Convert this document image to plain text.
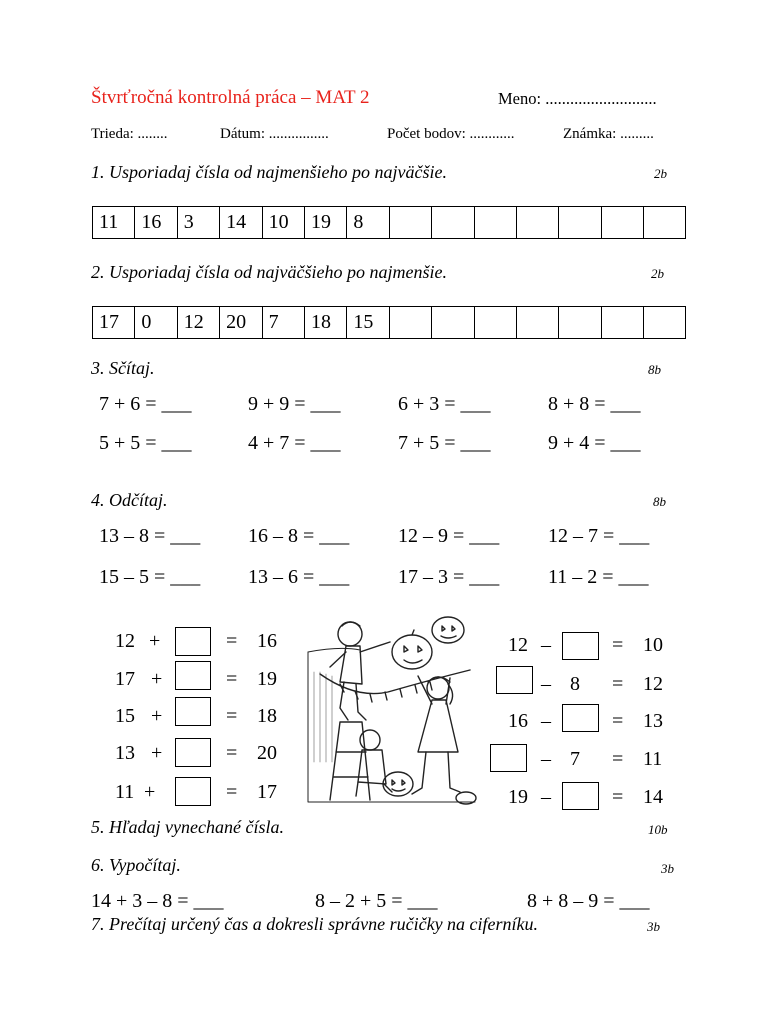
Štvrťročná kontrolná práca – MAT 2	Meno: ...........................
Trieda: ........	Dátum: ................	Počet bodov: ............	Známka: .........
1. Usporiadaj čísla od najmenšieho po najväčšie.	2b
11	16	3	14	10	19	8							
2. Usporiadaj čísla od najväčšieho po najmenšie.	2b
17	0	12	20	7	18	15							
3. Sčítaj.	8b
7 + 6 = ___	9 + 9 = ___	6 + 3 = ___	8 + 8 = ___
5 + 5 = ___	4 + 7 = ___	7 + 5 = ___	9 + 4 = ___
4. Odčítaj.	8b
13 – 8 = ___ 16 – 8 = ___ 12 – 9 = ___ 12 – 7 = ___
15 – 5 = ___ 13 – 6 = ___ 17 – 3 = ___ 11 – 2 = ___
12 +	= 16
17 +	= 19
15 +	= 18
13 +	= 20
11 +	= 17
12 –	= 10
– 8 = 12
16 –	= 13
– 7 = 11
19 –	= 14
5. Hľadaj vynechané čísla.	10b
6. Vypočítaj.	3b
14 + 3 – 8 = ___	8 – 2 + 5 = ___	8 + 8 – 9 = ___
7. Prečítaj určený čas a dokresli správne ručičky na ciferníku.	3b
